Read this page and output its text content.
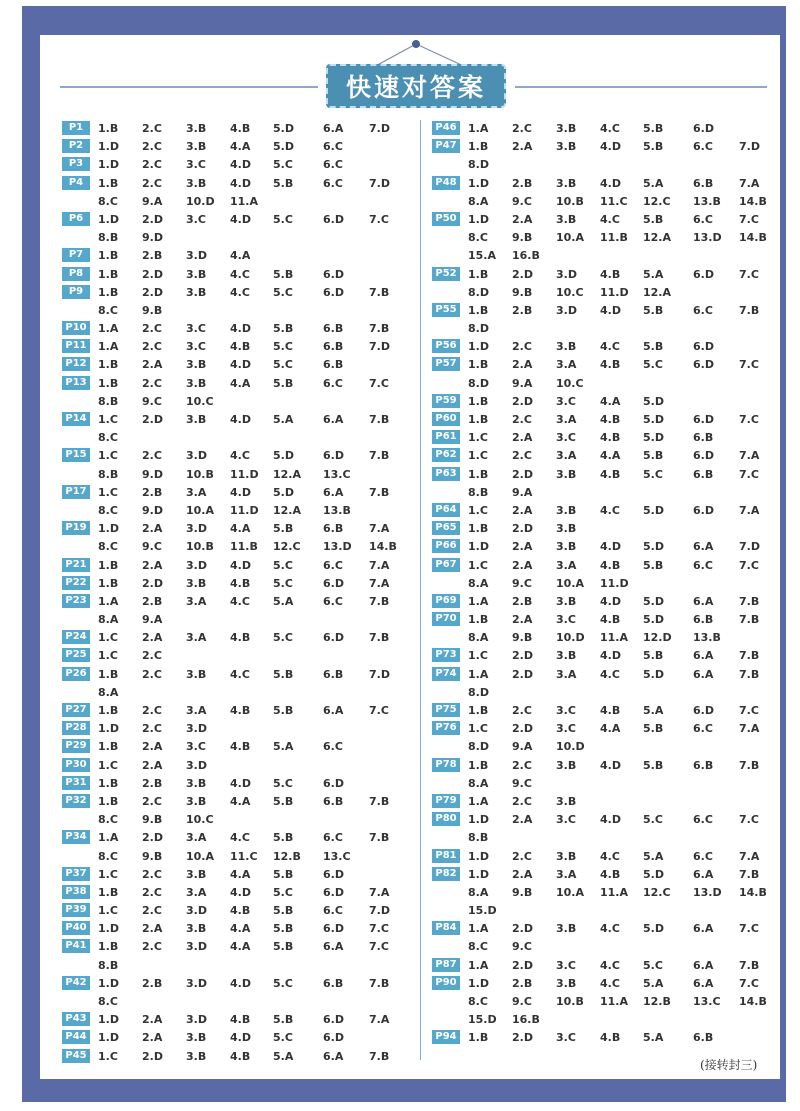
快速对答案
P1	1.B 2.C 3.B 4.B 5.D	6.A 7.D
P2	1.D 2.C 3.B 4.A 5.D	6.C
P3	1.D 2.C 3.C 4.D 5.C	6.C
P4	1.B 2.C 3.B 4.D 5.B	6.C 7.D
8.C 9.A 10.D 11.A
P6	1.D 2.D 3.C 4.D 5.C	6.D 7.C
8.B 9.D
P7	1.B 2.B 3.D 4.A
P8	1.B 2.D 3.B 4.C 5.B	6.D
P9	1.B 2.D 3.B 4.C 5.C	6.D 7.B
8.C 9.B
P10	1.A 2.C 3.C 4.D 5.B	6.B 7.B
P11	1.A 2.C 3.C 4.B 5.C	6.B 7.D
P12	1.B 2.A 3.B 4.D 5.C	6.B
P13	1.B 2.C 3.B 4.A 5.B	6.C 7.C
8.B 9.C 10.C
P14	1.C 2.D 3.B 4.D 5.A	6.A 7.B
8.C
P15	1.C 2.C 3.D 4.C 5.D	6.D 7.B
8.B 9.D 10.B 11.D 12.A 13.C
P17	1.C 2.B 3.A 4.D 5.D	6.A 7.B
8.C 9.D 10.A 11.D 12.A 13.B
P19	1.D 2.A 3.D 4.A 5.B	6.B 7.A
8.C 9.C 10.B 11.B 12.C 13.D 14.B
P21	1.B 2.A 3.D 4.D 5.C	6.C 7.A
P22	1.B 2.D 3.B 4.B 5.C	6.D 7.A
P23	1.A 2.B 3.A 4.C 5.A	6.C 7.B
8.A 9.A
P24	1.C 2.A 3.A 4.B 5.C	6.D 7.B
P25	1.C 2.C
P26	1.B 2.C 3.B 4.C 5.B	6.B 7.D
8.A
P27	1.B 2.C 3.A 4.B 5.B	6.A 7.C
P28	1.D 2.C 3.D
P29	1.B 2.A 3.C 4.B 5.A	6.C
P30	1.C 2.A 3.D
P31	1.B 2.B 3.B 4.D 5.C	6.D
P32	1.B 2.C 3.B 4.A 5.B	6.B 7.B
8.C 9.B 10.C
P34	1.A 2.D 3.A 4.C 5.B	6.C 7.B
8.C 9.B 10.A 11.C 12.B 13.C
P37	1.C 2.C 3.B 4.A 5.B	6.D
P38	1.B 2.C 3.A 4.D 5.C	6.D 7.A
P39	1.C 2.C 3.D 4.B 5.B	6.C 7.D
P40	1.D 2.A 3.B 4.A 5.B	6.D 7.C
P41	1.B 2.C 3.D 4.A 5.B	6.A 7.C
8.B
P42	1.D 2.B 3.D 4.D 5.C	6.B 7.B
8.C
P43	1.D 2.A 3.D 4.B 5.B	6.D 7.A
P44	1.D 2.A 3.B 4.D 5.C	6.D
P45	1.C 2.D 3.B 4.B 5.A	6.A 7.B
P46	1.A 2.C 3.B 4.C 5.B	6.D
P47	1.B 2.A 3.B 4.D 5.B	6.C 7.D
8.D
P48	1.D 2.B 3.B 4.D 5.A	6.B 7.A
8.A 9.C 10.B 11.C 12.C 13.B 14.B
P50	1.D 2.A 3.B 4.C 5.B	6.C 7.C
8.C 9.B 10.A 11.B 12.A 13.D 14.B
15.A 16.B
P52	1.B 2.D 3.D 4.B 5.A	6.D 7.C
8.D 9.B 10.C 11.D 12.A
P55	1.B 2.B 3.D 4.D 5.B	6.C 7.B
8.D
P56	1.D 2.C 3.B 4.C 5.B	6.D
P57	1.B 2.A 3.A 4.B 5.C	6.D 7.C
8.D 9.A 10.C
P59	1.B 2.D 3.C 4.A 5.D
P60	1.B 2.C 3.A 4.B 5.D	6.D 7.C
P61	1.C 2.A 3.C 4.B 5.D	6.B
P62	1.C 2.C 3.A 4.A 5.B	6.D 7.A
P63	1.B 2.D 3.B 4.B 5.C	6.B 7.C
8.B 9.A
P64	1.C 2.A 3.B 4.C 5.D	6.D 7.A
P65	1.B 2.D 3.B
P66	1.D 2.A 3.B 4.D 5.D	6.A 7.D
P67	1.C 2.A 3.A 4.B 5.B	6.C 7.C
8.A 9.C 10.A 11.D
P69	1.A 2.B 3.B 4.D 5.D	6.A 7.B
P70	1.B 2.A 3.C 4.B 5.D	6.B 7.B
8.A 9.B 10.D 11.A 12.D 13.B
P73	1.C 2.D 3.B 4.D 5.B	6.A 7.B
P74	1.A 2.D 3.A 4.C 5.D	6.A 7.B
8.D
P75	1.B 2.C 3.C 4.B 5.A	6.D 7.C
P76	1.C 2.D 3.C 4.A 5.B	6.C 7.A
8.D 9.A 10.D
P78	1.B 2.C 3.B 4.D 5.B	6.B 7.B
8.A 9.C
P79	1.A 2.C 3.B
P80	1.D 2.A 3.C 4.D 5.C	6.C 7.C
8.B
P81	1.D 2.C 3.B 4.C 5.A	6.C 7.A
P82	1.D 2.A 3.A 4.B 5.D	6.A 7.B
8.A 9.B 10.A 11.A 12.C 13.D 14.B
15.D
P84	1.A 2.D 3.B 4.C 5.D	6.A 7.C
8.C 9.C
P87	1.A 2.D 3.C 4.C 5.C	6.A 7.B
P90	1.D 2.B 3.B 4.C 5.A	6.A 7.C
8.C 9.C 10.B 11.A 12.B 13.C 14.B
15.D 16.B
P94	1.B 2.D 3.C 4.B 5.A	6.B
(接转封三)
